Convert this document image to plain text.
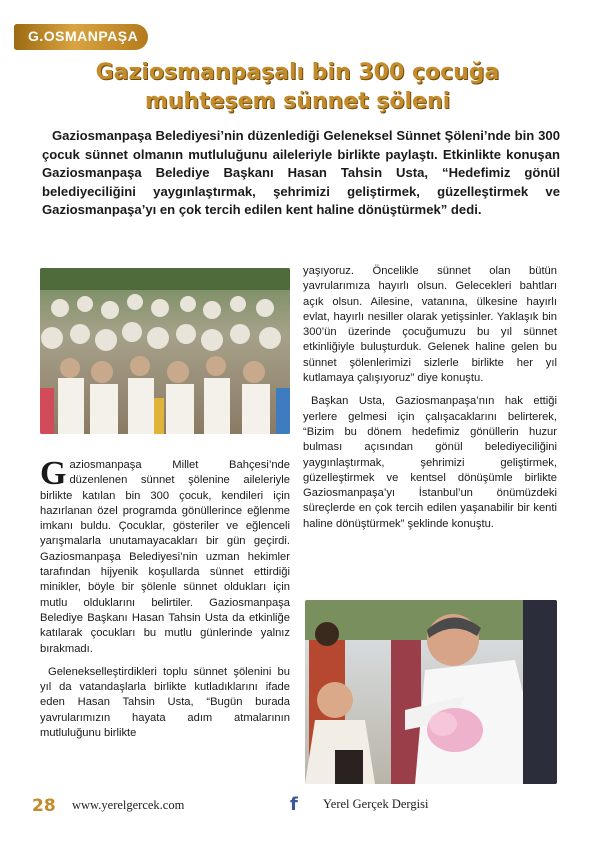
G.OSMANPAŞA
Gaziosmanpaşalı bin 300 çocuğa
muhteşem sünnet şöleni

Gaziosmanpaşa Belediyesi’nin düzenlediği Geleneksel Sünnet Şöleni’nde bin 300 çocuk sünnet olmanın mutluluğunu aileleriyle birlikte paylaştı. Etkinlikte konuşan Gaziosmanpaşa Belediye Başkanı Hasan Tahsin Usta, “Hedefimiz gönül belediyeciliğini yaygınlaştırmak, şehrimizi geliştirmek, güzelleştirmek ve Gaziosmanpaşa’yı en çok tercih edilen kent haline dönüştürmek” dedi.

Gaziosmanpaşa Millet Bahçesi’nde düzenlenen sünnet şölenine aileleriyle birlikte katılan bin 300 çocuk, kendileri için hazırlanan özel programda gönüllerince eğlenme imkanı buldu. Çocuklar, gösteriler ve eğlenceli yarışmalarla unutamayacakları bir gün geçirdi. Gaziosmanpaşa Belediyesi’nin uzman hekimler tarafından hijyenik koşullarda sünnet ettirdiği minikler, böyle bir şölenle sünnet oldukları için mutlu olduklarını belirtiler. Gaziosmanpaşa Belediye Başkanı Hasan Tahsin Usta da etkinliğe katılarak çocukları bu mutlu günlerinde yalnız bırakmadı.

Gelenekselleştirdikleri toplu sünnet şölenini bu yıl da vatandaşlarla birlikte kutladıklarını ifade eden Hasan Tahsin Usta, “Bugün burada yavrularımızın hayata adım atmalarının mutluluğunu birlikte

yaşıyoruz. Öncelikle sünnet olan bütün yavrularımıza hayırlı olsun. Gelecekleri bahtları açık olsun. Ailesine, vatanına, ülkesine hayırlı evlat, hayırlı nesiller olarak yetişsinler. Yaklaşık bin 300’ün üzerinde çocuğumuzu bu yıl sünnet etkinliğiyle buluşturduk. Gelenek haline gelen bu sünnet şölenlerimizi sizlerle birlikte her yıl kutlamaya çalışıyoruz” diye konuştu.

Başkan Usta, Gaziosmanpaşa’nın hak ettiği yerlere gelmesi için çalışacaklarını belirterek, “Bizim bu dönem hedefimiz gönüllerin huzur bulması açısından gönül belediyeciliğini yaygınlaştırmak, şehrimizi geliştirmek, güzelleştirmek ve kentsel dönüşümle birlikte Gaziosmanpaşa’yı İstanbul’un önümüzdeki süreçlerde en çok tercih edilen yaşanabilir bir kenti haline dönüştürmek” şeklinde konuştu.

28 www.yerelgercek.com	f	Yerel Gerçek Dergisi
